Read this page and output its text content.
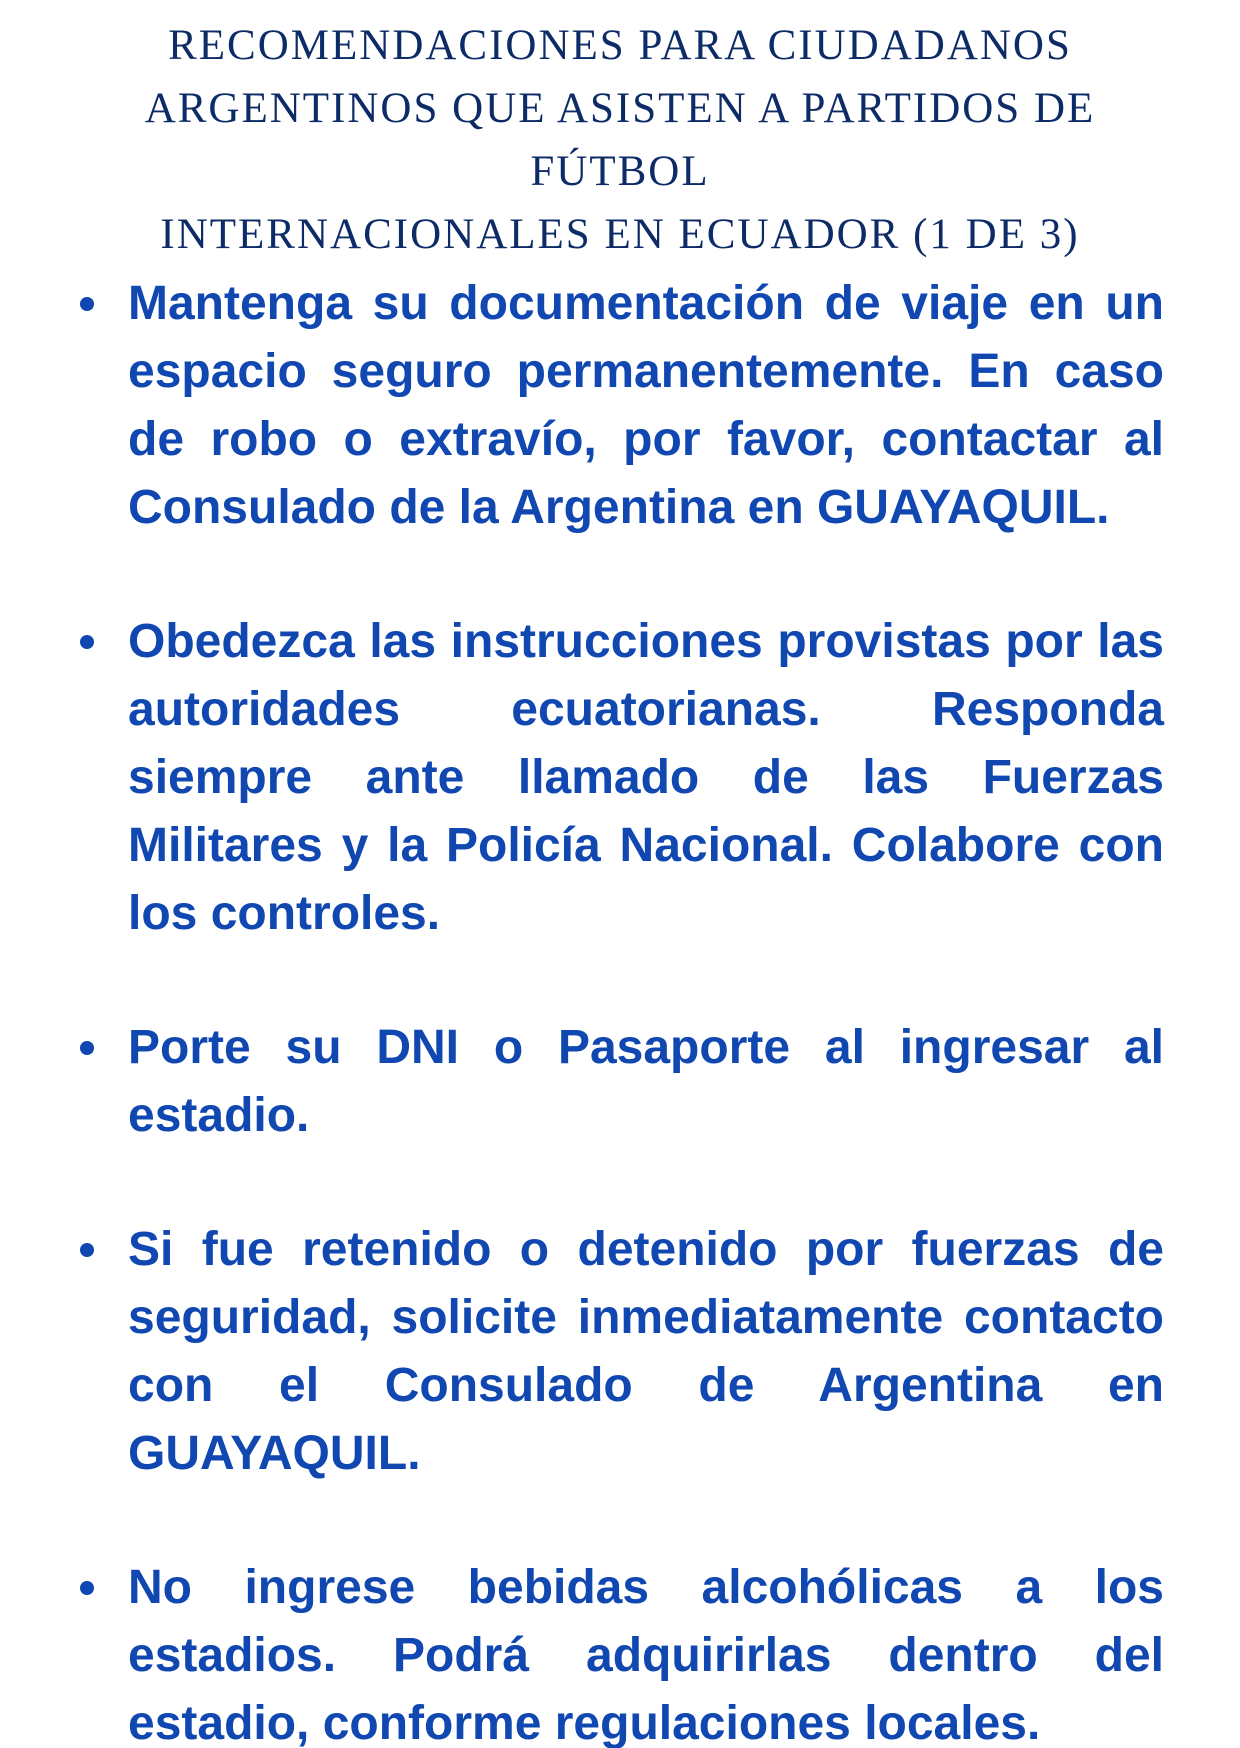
RECOMENDACIONES PARA CIUDADANOS
ARGENTINOS QUE ASISTEN A PARTIDOS DE
FÚTBOL
INTERNACIONALES EN ECUADOR (1 DE 3)
Mantenga su documentación de viaje en un espacio seguro permanentemente. En caso de robo o extravío, por favor, contactar al Consulado de la Argentina en GUAYAQUIL.
Obedezca las instrucciones provistas por las autoridades ecuatorianas. Responda siempre ante llamado de las Fuerzas Militares y la Policía Nacional. Colabore con los controles.
Porte su DNI o Pasaporte al ingresar al estadio.
Si fue retenido o detenido por fuerzas de seguridad, solicite inmediatamente contacto con el Consulado de Argentina en GUAYAQUIL.
No ingrese bebidas alcohólicas a los estadios. Podrá adquirirlas dentro del estadio, conforme regulaciones locales.
